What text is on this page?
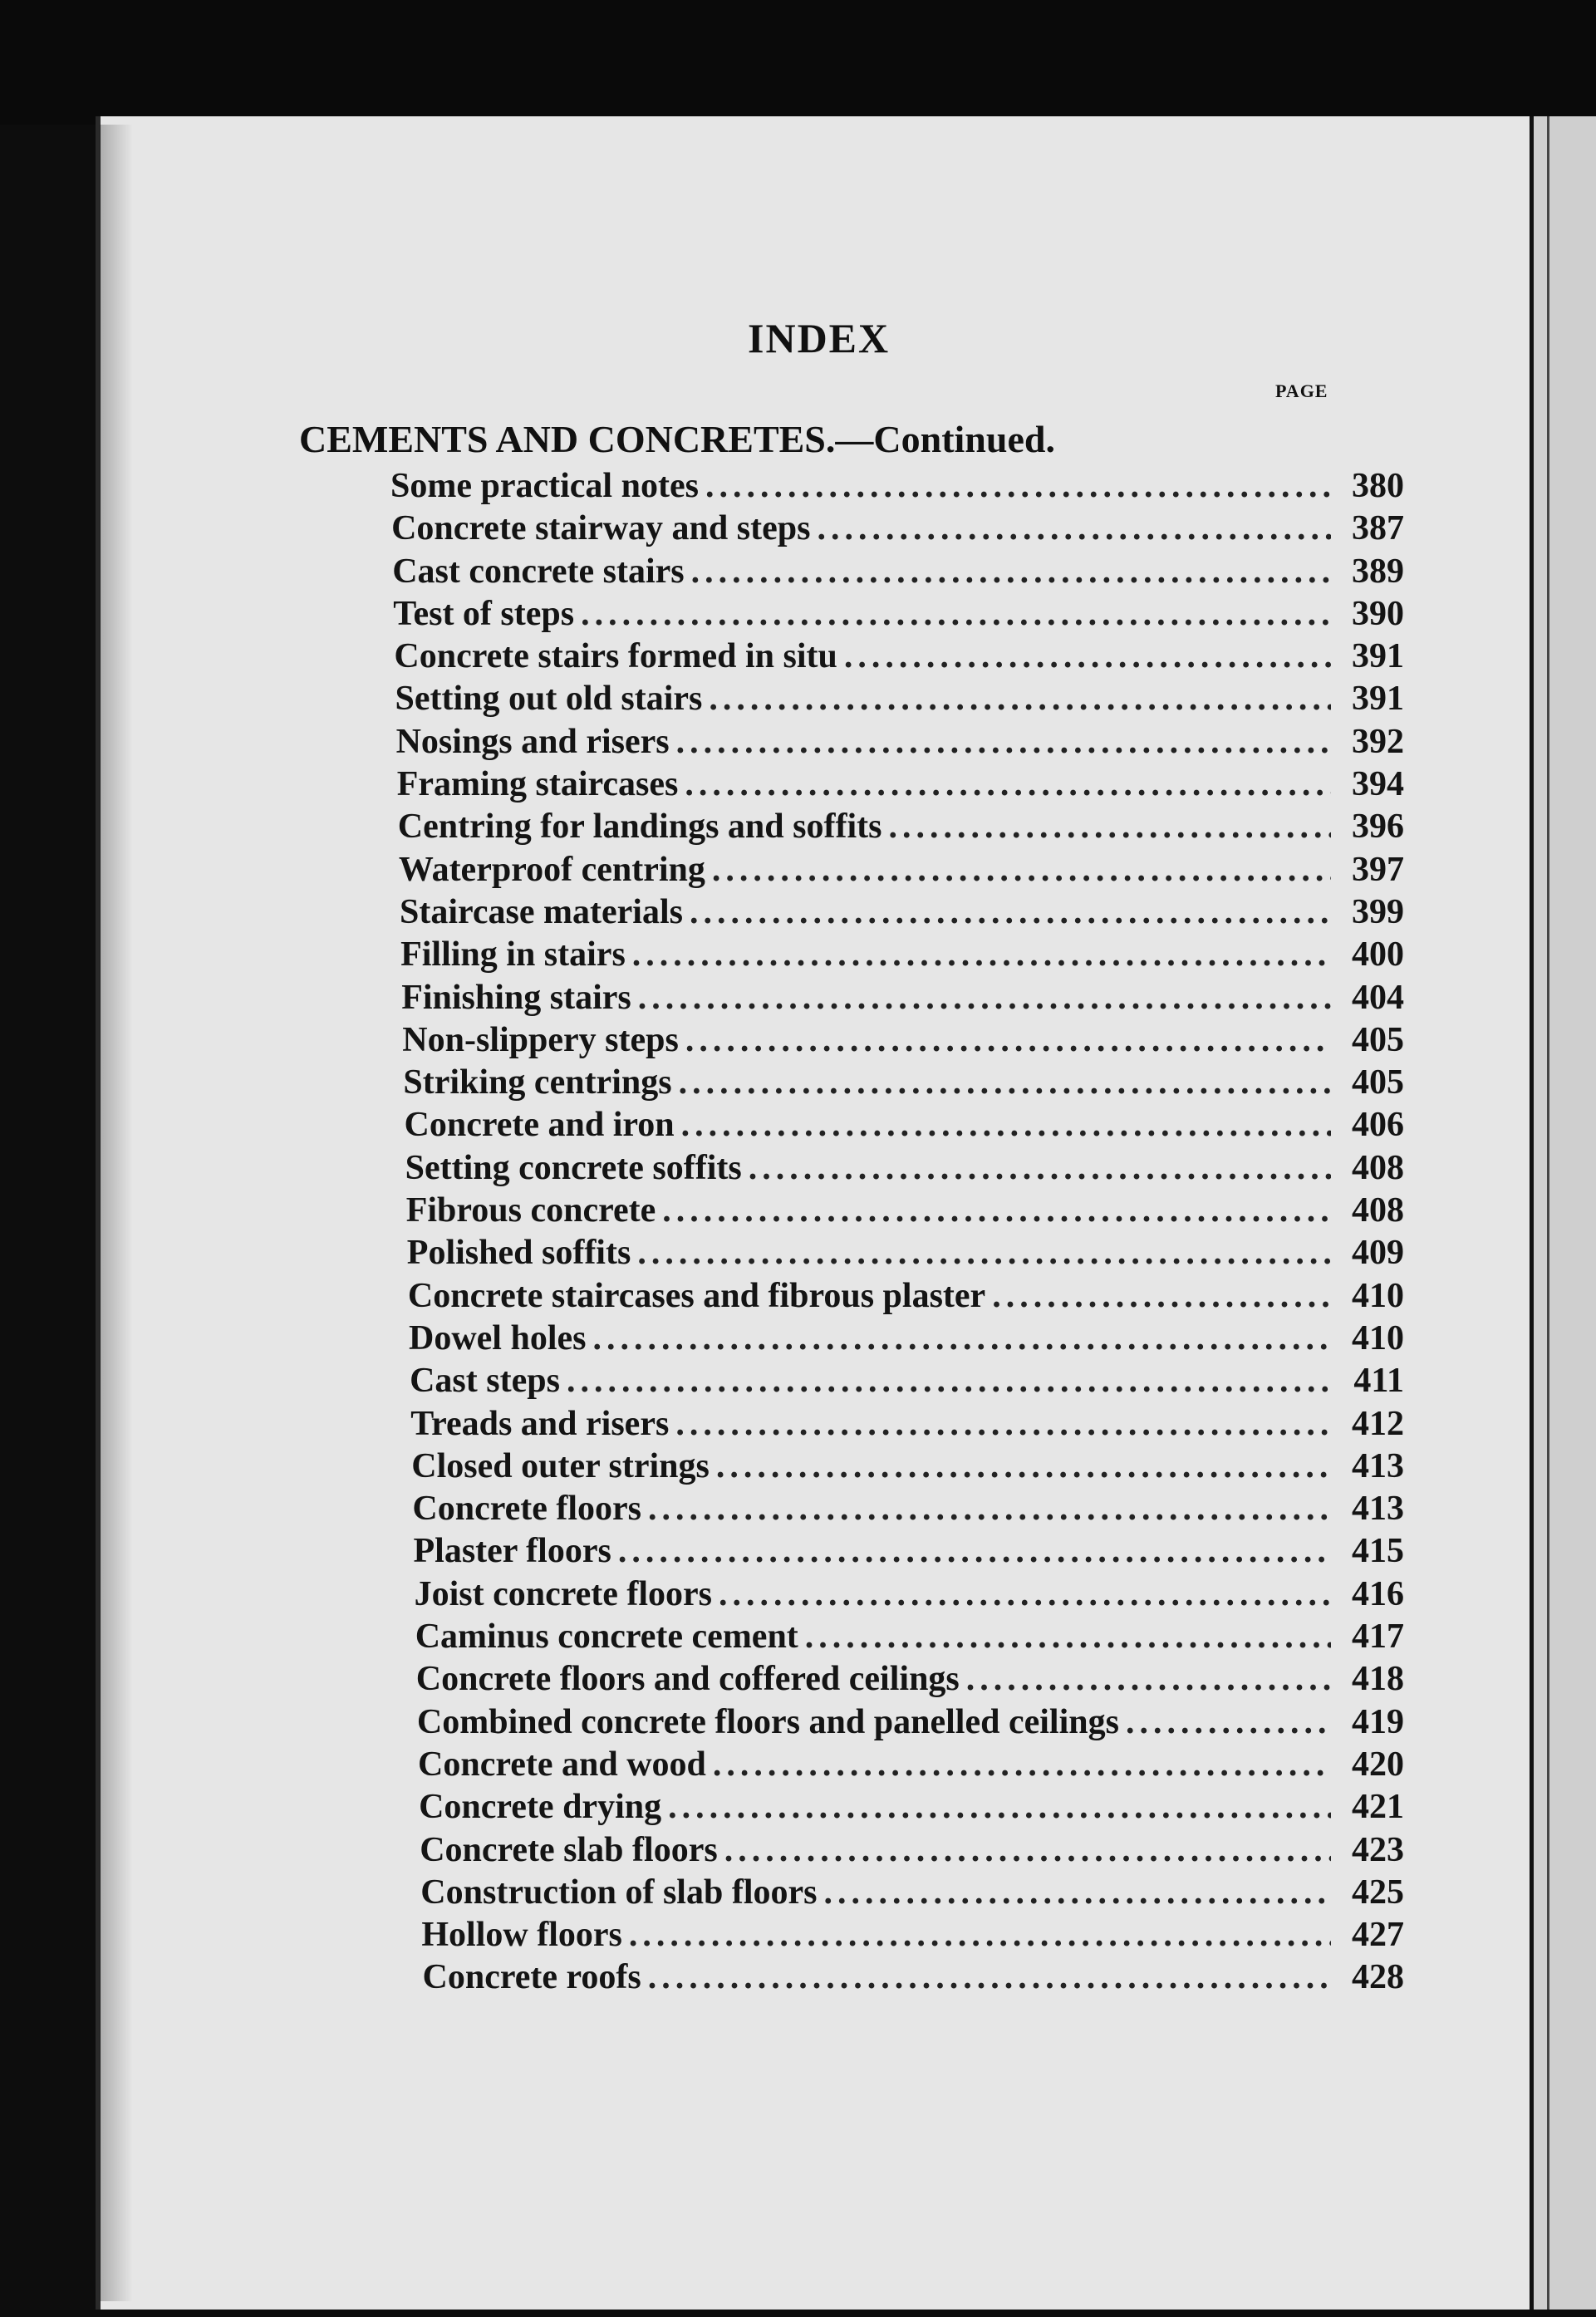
INDEX
PAGE
CEMENTS AND CONCRETES.—Continued.
Some practical notes .....	380
Concrete stairway and steps .....	387
Cast concrete stairs .....	389
Test of steps .....	390
Concrete stairs formed in situ .....	391
Setting out old stairs .....	391
Nosings and risers .....	392
Framing staircases .....	394
Centring for landings and soffits .....	396
Waterproof centring .....	397
Staircase materials .....	399
Filling in stairs .....	400
Finishing stairs .....	404
Non-slippery steps .....	405
Striking centrings .....	405
Concrete and iron .....	406
Setting concrete soffits .....	408
Fibrous concrete .....	408
Polished soffits .....	409
Concrete staircases and fibrous plaster .....	410
Dowel holes .....	410
Cast steps .....	411
Treads and risers .....	412
Closed outer strings .....	413
Concrete floors .....	413
Plaster floors .....	415
Joist concrete floors .....	416
Caminus concrete cement .....	417
Concrete floors and coffered ceilings .....	418
Combined concrete floors and panelled ceilings .....	419
Concrete and wood .....	420
Concrete drying .....	421
Concrete slab floors .....	423
Construction of slab floors .....	425
Hollow floors .....	427
Concrete roofs .....	428
